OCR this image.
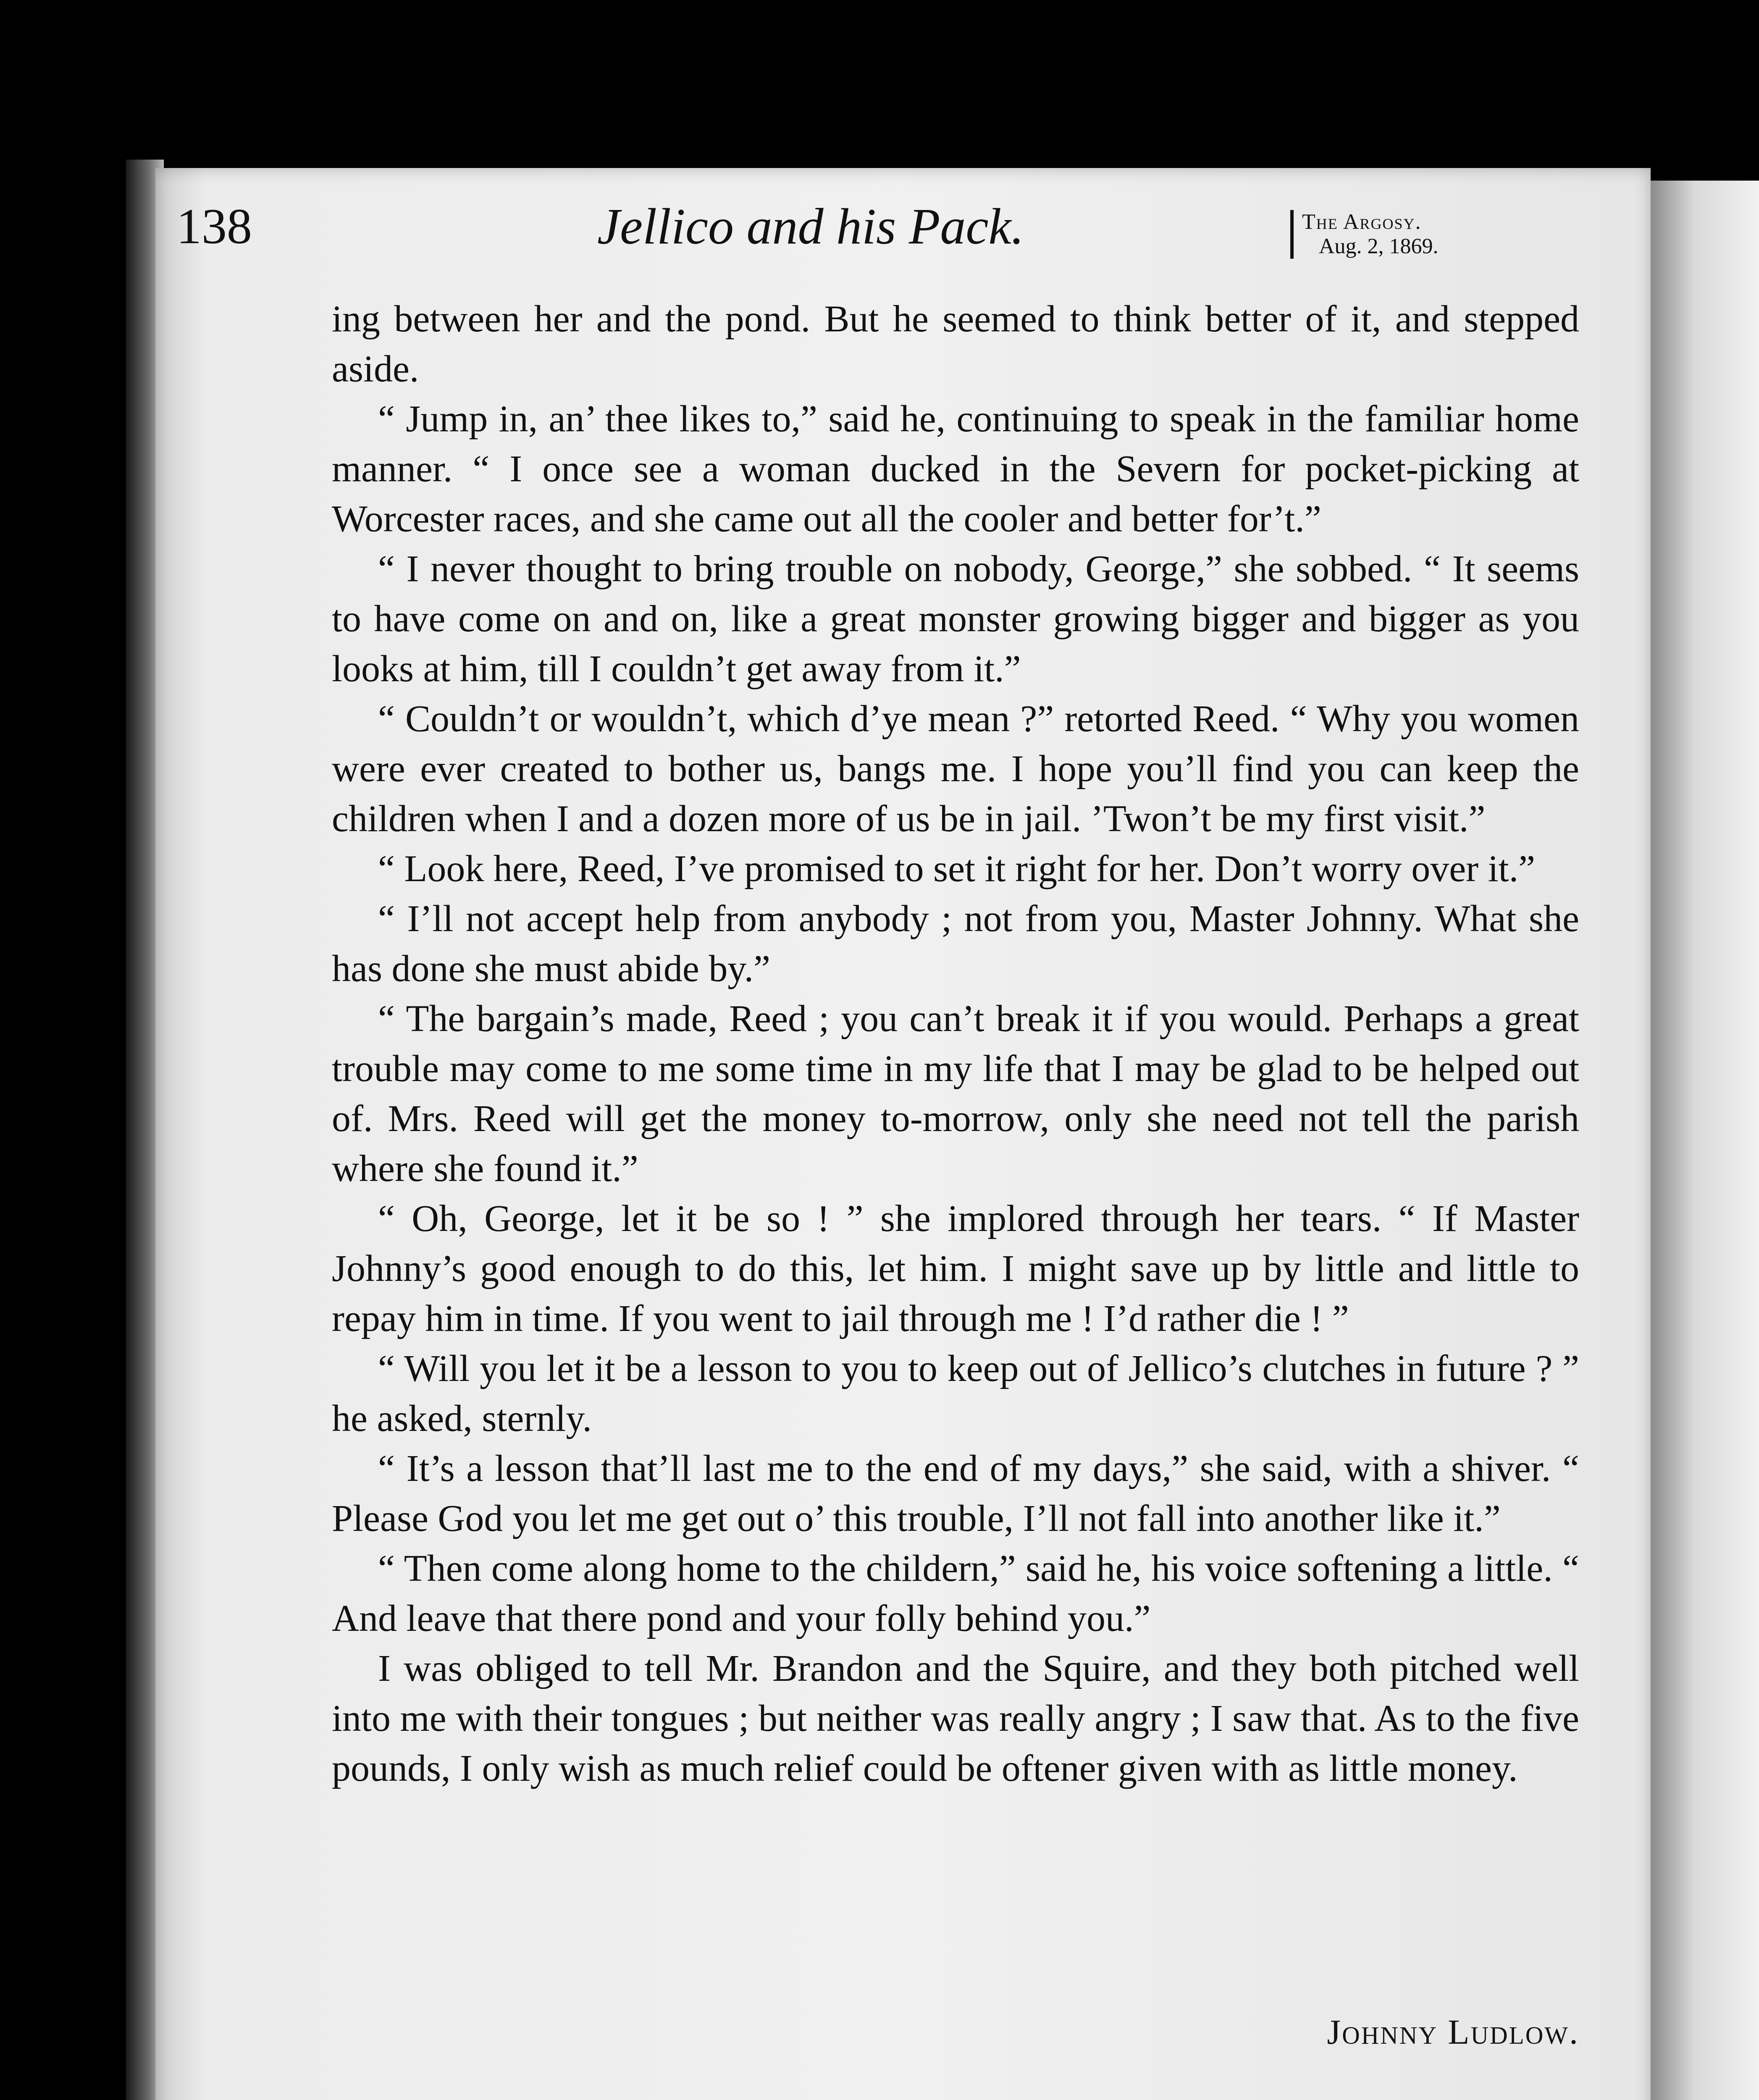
138	Jellico and his Pack.	The Argosy.
Aug. 2, 1869.

ing between her and the pond. But he seemed to think better of it, and stepped aside.

“ Jump in, an’ thee likes to,” said he, continuing to speak in the familiar home manner. “ I once see a woman ducked in the Severn for pocket-picking at Worcester races, and she came out all the cooler and better for’t.”

“ I never thought to bring trouble on nobody, George,” she sobbed. “ It seems to have come on and on, like a great monster growing bigger and bigger as you looks at him, till I couldn’t get away from it.”

“ Couldn’t or wouldn’t, which d’ye mean ?” retorted Reed. “ Why you women were ever created to bother us, bangs me. I hope you’ll find you can keep the children when I and a dozen more of us be in jail. ’Twon’t be my first visit.”

“ Look here, Reed, I’ve promised to set it right for her. Don’t worry over it.”

“ I’ll not accept help from anybody ; not from you, Master Johnny. What she has done she must abide by.”

“ The bargain’s made, Reed ; you can’t break it if you would. Perhaps a great trouble may come to me some time in my life that I may be glad to be helped out of. Mrs. Reed will get the money to-morrow, only she need not tell the parish where she found it.”

“ Oh, George, let it be so ! ” she implored through her tears. “ If Master Johnny’s good enough to do this, let him. I might save up by little and little to repay him in time. If you went to jail through me ! I’d rather die ! ”

“ Will you let it be a lesson to you to keep out of Jellico’s clutches in future ? ” he asked, sternly.

“ It’s a lesson that’ll last me to the end of my days,” she said, with a shiver. “ Please God you let me get out o’ this trouble, I’ll not fall into another like it.”

“ Then come along home to the childern,” said he, his voice softening a little. “ And leave that there pond and your folly behind you.”

I was obliged to tell Mr. Brandon and the Squire, and they both pitched well into me with their tongues ; but neither was really angry ; I saw that. As to the five pounds, I only wish as much relief could be oftener given with as little money.

Johnny Ludlow.
